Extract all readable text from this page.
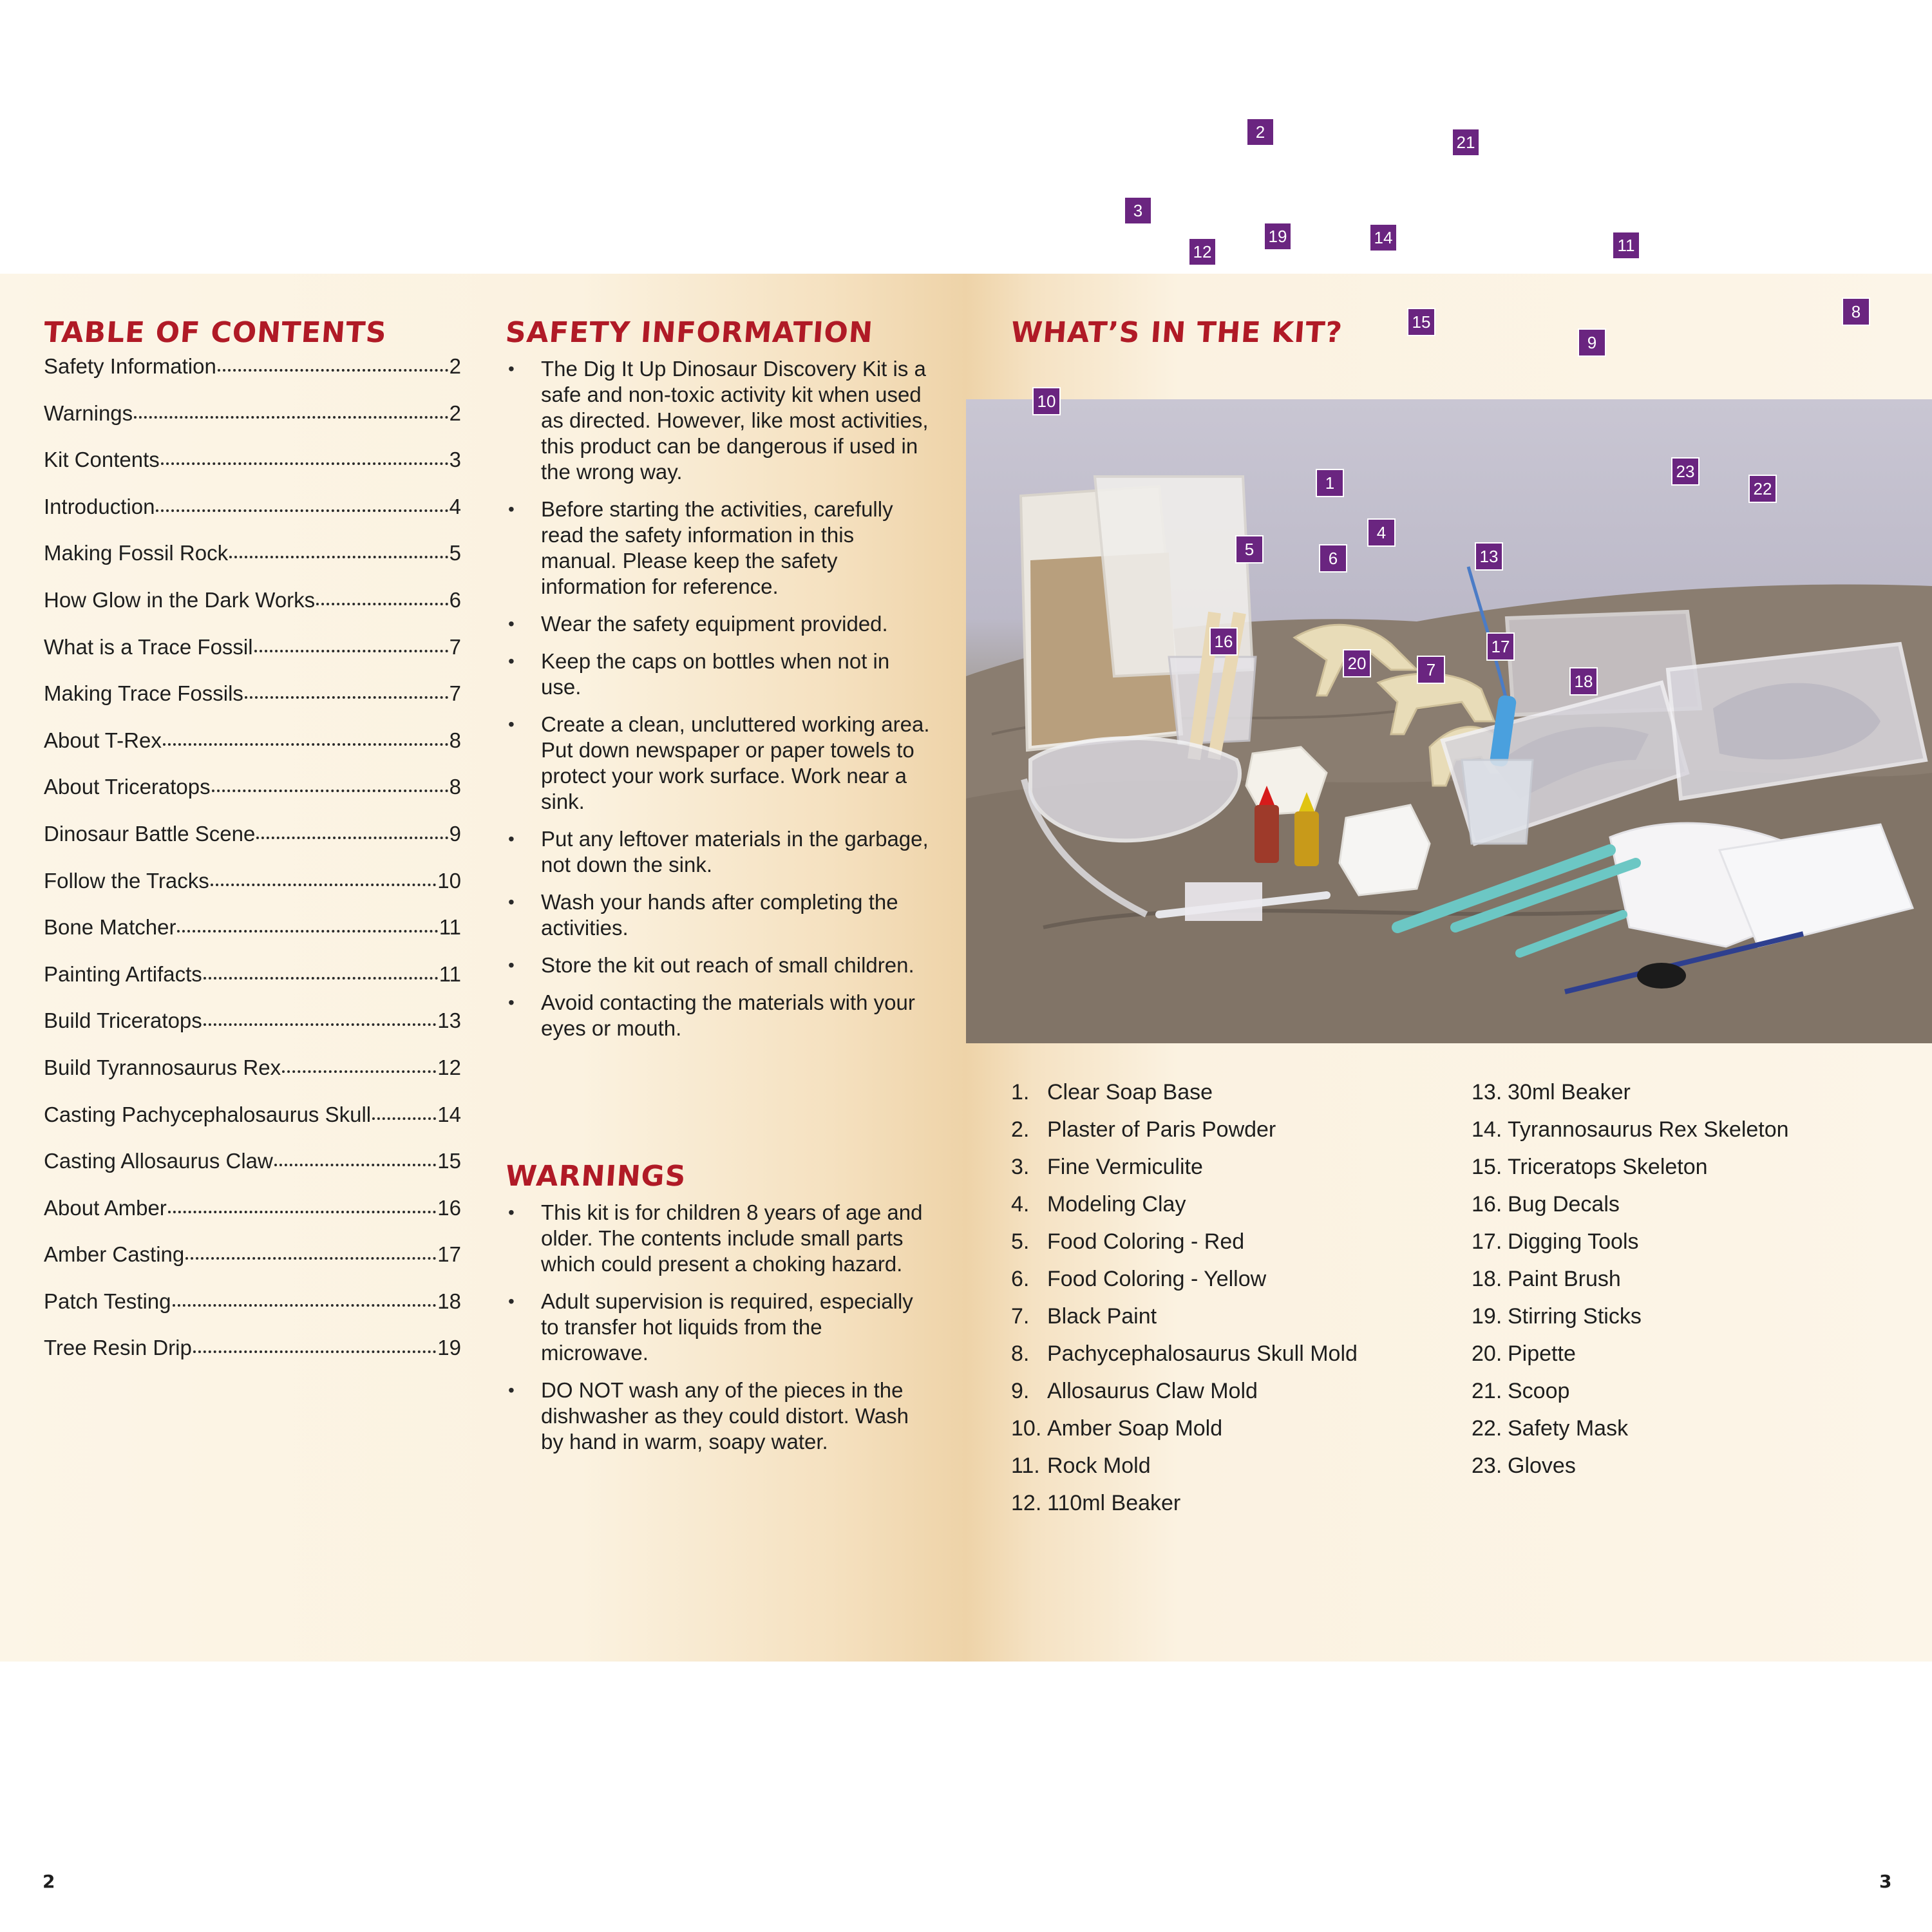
TABLE OF CONTENTS
Safety Information	2
Warnings	2
Kit Contents	3
Introduction	4
Making Fossil Rock	5
How Glow in the Dark Works	6
What is a Trace Fossil	7
Making Trace Fossils	7
About T-Rex	8
About Triceratops	8
Dinosaur Battle Scene	9
Follow the Tracks	10
Bone Matcher	11
Painting Artifacts	11
Build Triceratops	13
Build Tyrannosaurus Rex	12
Casting Pachycephalosaurus Skull	14
Casting Allosaurus Claw	15
About Amber	16
Amber Casting	17
Patch Testing	18
Tree Resin Drip	19
SAFETY INFORMATION
• The Dig It Up Dinosaur Discovery Kit is a safe and non-toxic activity kit when used as directed. However, like most activities, this product can be dangerous if used in the wrong way.
• Before starting the activities, carefully read the safety information in this manual. Please keep the safety information for reference.
• Wear the safety equipment provided.
• Keep the caps on bottles when not in use.
• Create a clean, uncluttered working area. Put down newspaper or paper towels to protect your work surface. Work near a sink.
• Put any leftover materials in the garbage, not down the sink.
• Wash your hands after completing the activities.
• Store the kit out reach of small children.
• Avoid contacting the materials with your eyes or mouth.
WARNINGS
• This kit is for children 8 years of age and older. The contents include small parts which could present a choking hazard.
• Adult supervision is required, especially to transfer hot liquids from the microwave.
• DO NOT wash any of the pieces in the dishwasher as they could distort. Wash by hand in warm, soapy water.
2
WHAT’S IN THE KIT?
1. Clear Soap Base
2. Plaster of Paris Powder
3. Fine Vermiculite
4. Modeling Clay
5. Food Coloring - Red
6. Food Coloring - Yellow
7. Black Paint
8. Pachycephalosaurus Skull Mold
9. Allosaurus Claw Mold
10. Amber Soap Mold
11. Rock Mold
12. 110ml Beaker
13. 30ml Beaker
14. Tyrannosaurus Rex Skeleton
15. Triceratops Skeleton
16. Bug Decals
17. Digging Tools
18. Paint Brush
19. Stirring Sticks
20. Pipette
21. Scoop
22. Safety Mask
23. Gloves
3
1
2
3
4
5	6
7
8
9
10
11
12
13
14
15
16	17
18
19
20
21
22
23
